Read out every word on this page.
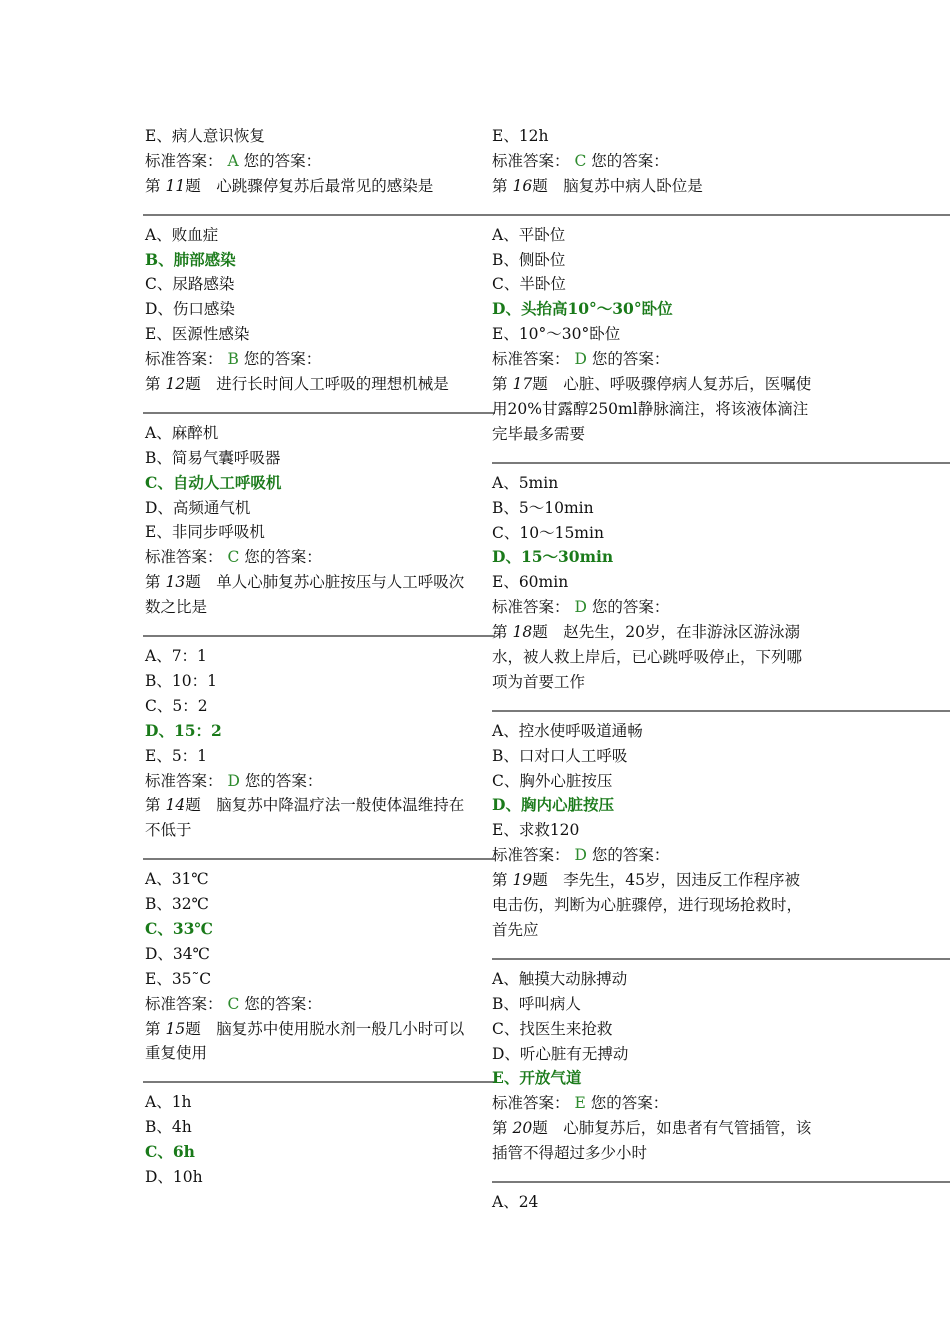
E、病人意识恢复
标准答案： A 您的答案：
第 11题　 心跳骤停复苏后最常见的感染是
A、败血症
B、肺部感染
C、尿路感染
D、伤口感染
E、医源性感染
标准答案： B 您的答案：
第 12题　 进行长时间人工呼吸的理想机械是
A、麻醉机
B、简易气囊呼吸器
C、自动人工呼吸机
D、高频通气机
E、非同步呼吸机
标准答案： C 您的答案：
第 13题　 单人心肺复苏心脏按压与人工呼吸次数之比是
A、7：1
B、10：1
C、5：2
D、15：2
E、5：1
标准答案： D 您的答案：
第 14题　 脑复苏中降温疗法一般使体温维持在不低于
A、31℃
B、32℃
C、33℃
D、34℃
E、35˜C
标准答案： C 您的答案：
第 15题　 脑复苏中使用脱水剂一般几小时可以重复使用
A、1h
B、4h
C、6h
D、10h
E、12h
标准答案： C 您的答案：
第 16题　 脑复苏中病人卧位是
A、平卧位
B、侧卧位
C、半卧位
D、头抬高10°～30°卧位
E、10°～30°卧位
标准答案： D 您的答案：
第 17题　 心脏、呼吸骤停病人复苏后，医嘱使用20%甘露醇250ml静脉滴注，将该液体滴注完毕最多需要
A、5min
B、5～10min
C、10～15min
D、15～30min
E、60min
标准答案： D 您的答案：
第 18题　 赵先生，20岁，在非游泳区游泳溺水，被人救上岸后，已心跳呼吸停止，下列哪项为首要工作
A、控水使呼吸道通畅
B、口对口人工呼吸
C、胸外心脏按压
D、胸内心脏按压
E、求救120
标准答案： D 您的答案：
第 19题　 李先生，45岁，因违反工作程序被电击伤，判断为心脏骤停，进行现场抢救时，首先应
A、触摸大动脉搏动
B、呼叫病人
C、找医生来抢救
D、听心脏有无搏动
E、开放气道
标准答案： E 您的答案：
第 20题　 心肺复苏后，如患者有气管插管，该插管不得超过多少小时
A、24
